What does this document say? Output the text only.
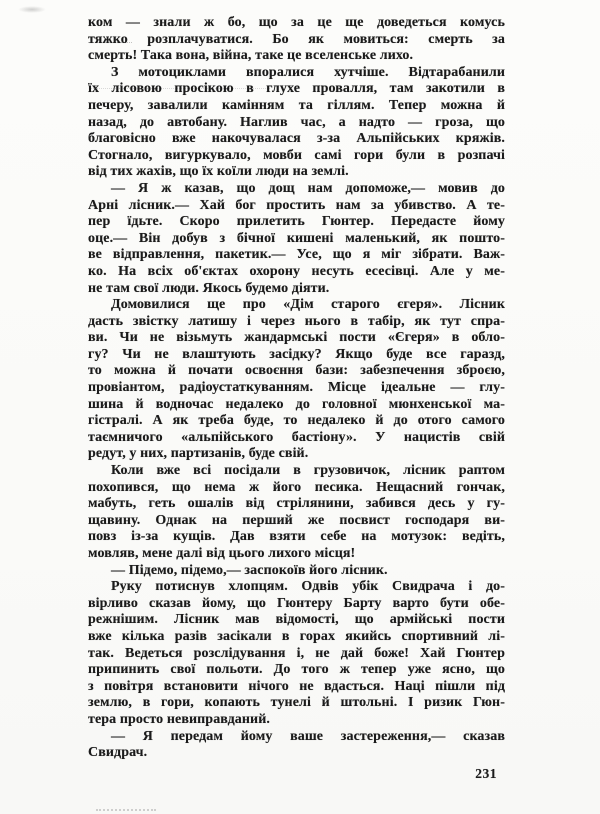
ком — знали ж бо, що за це ще доведеться комусь
тяжко розплачуватися. Бо як мовиться: смерть за
смерть! Така вона, війна, таке це вселенське лихо.
З мотоциклами впоралися хутчіше. Відтарабанили
їх лісовою просікою в глухе провалля, там закотили в
печеру, завалили камінням та гіллям. Тепер можна й
назад, до автобану. Наглив час, а надто — гроза, що
благовісно вже накочувалася з-за Альпійських кряжів.
Стогнало, вигуркувало, мовби самі гори були в розпачі
від тих жахів, що їх коїли люди на землі.
— Я ж казав, що дощ нам допоможе,— мовив до
Арні лісник.— Хай бог простить нам за убивство. А те-
пер їдьте. Скоро прилетить Гюнтер. Передасте йому
оце.— Він добув з бічної кишені маленький, як пошто-
ве відправлення, пакетик.— Усе, що я міг зібрати. Важ-
ко. На всіх об'єктах охорону несуть есесівці. Але у ме-
не там свої люди. Якось будемо діяти.
Домовилися ще про «Дім старого єгеря». Лісник
дасть звістку латишу і через нього в табір, як тут спра-
ви. Чи не візьмуть жандармські пости «Єгеря» в обло-
гу? Чи не влаштують засідку? Якщо буде все гаразд,
то можна й почати освоєння бази: забезпечення зброєю,
провіантом, радіоустаткуванням. Місце ідеальне — глу-
шина й водночас недалеко до головної мюнхенської ма-
гістралі. А як треба буде, то недалеко й до отого самого
таємничого «альпійського бастіону». У нацистів свій
редут, у них, партизанів, буде свій.
Коли вже всі посідали в грузовичок, лісник раптом
похопився, що нема ж його песика. Нещасний гончак,
мабуть, геть ошалів від стрілянини, забився десь у гу-
щавину. Однак на перший же посвист господаря ви-
повз із-за кущів. Дав взяти себе на мотузок: ведіть,
мовляв, мене далі від цього лихого місця!
— Підемо, підемо,— заспокоїв його лісник.
Руку потиснув хлопцям. Одвів убік Свидрача і до-
вірливо сказав йому, що Гюнтеру Барту варто бути обе-
режнішим. Лісник мав відомості, що армійські пости
вже кілька разів засікали в горах якийсь спортивний лі-
так. Ведеться розслідування і, не дай боже! Хай Гюнтер
припинить свої польоти. До того ж тепер уже ясно, що
з повітря встановити нічого не вдасться. Наці пішли під
землю, в гори, копають тунелі й штольні. І ризик Гюн-
тера просто невиправданий.
— Я передам йому ваше застереження,— сказав
Свидрач.
231
